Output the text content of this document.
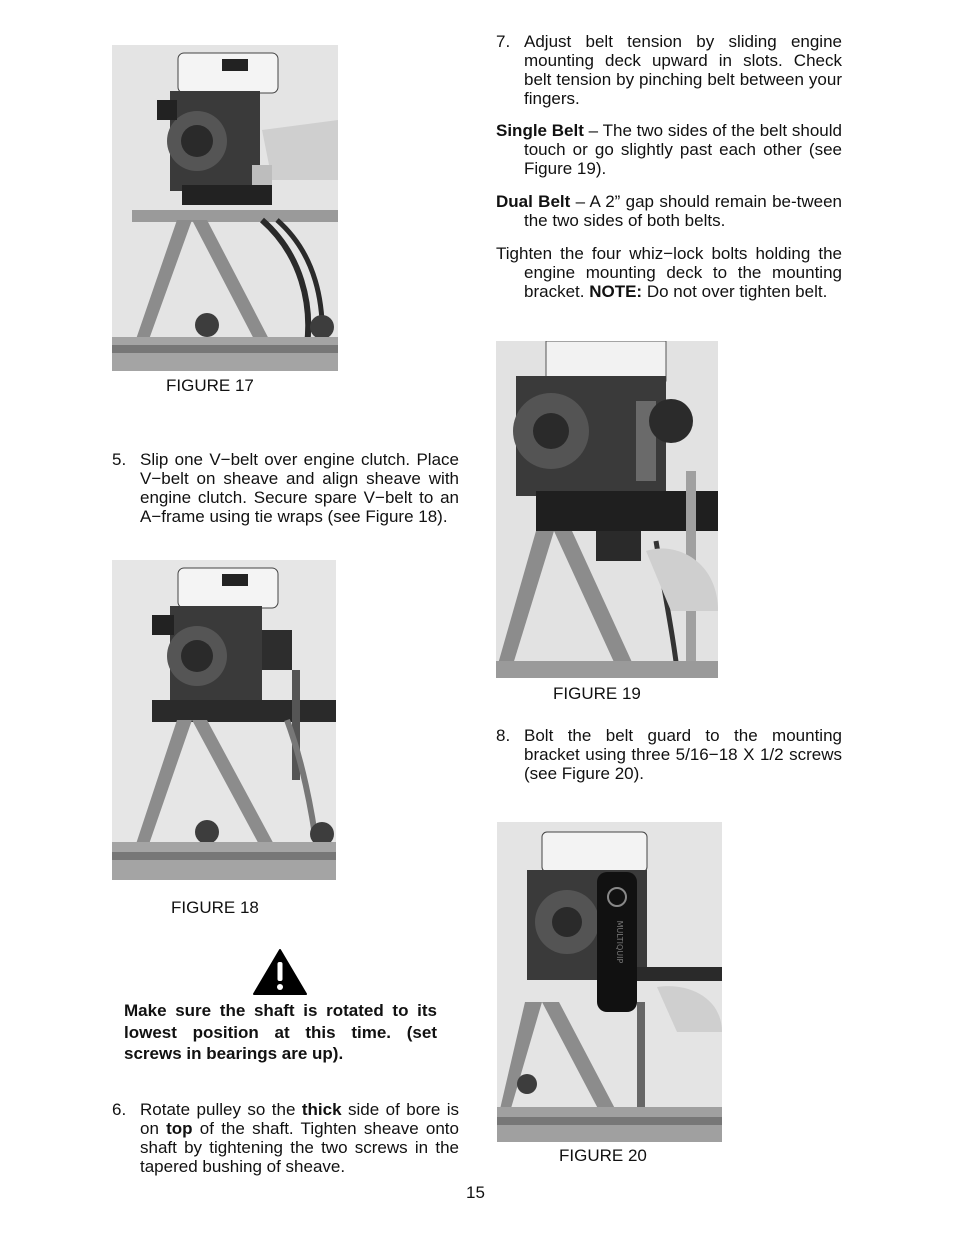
FIGURE 17
5. Slip one V−belt over engine clutch. Place V−belt on sheave and align sheave with engine clutch. Secure spare V−belt to an A−frame using tie wraps (see Figure 18).
FIGURE 18
Make sure the shaft is rotated to its lowest position at this time. (set screws in bearings are up).
6. Rotate pulley so the thick side of bore is on top of the shaft. Tighten sheave onto shaft by tightening the two screws in the tapered bushing of sheave.
7. Adjust belt tension by sliding engine mounting deck upward in slots. Check belt tension by pinching belt between your fingers.
Single Belt – The two sides of the belt should touch or go slightly past each other (see Figure 19).
Dual Belt – A 2” gap should remain be-tween the two sides of both belts.
Tighten the four whiz−lock bolts holding the engine mounting deck to the mounting bracket. NOTE: Do not over tighten belt.
FIGURE 19
8. Bolt the belt guard to the mounting bracket using three 5/16−18 X 1/2 screws (see Figure 20).
MULTIQUIP
FIGURE 20
15
